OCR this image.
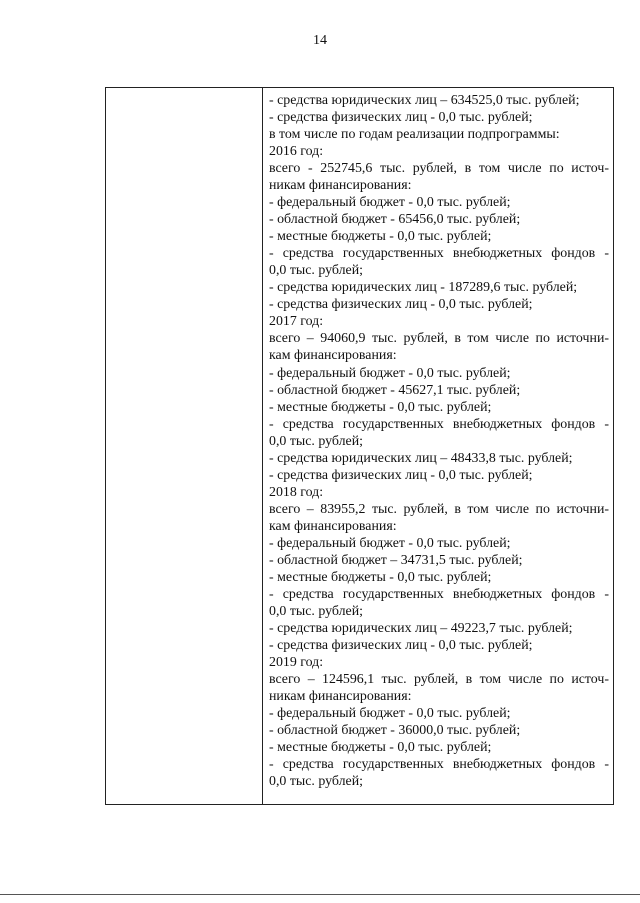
14
- средства юридических лиц – 634525,0 тыс. рублей;
- средства физических лиц - 0,0 тыс. рублей;
в том числе по годам реализации подпрограммы:
2016 год:
всего - 252745,6 тыс. рублей, в том числе по источ-
никам финансирования:
- федеральный бюджет - 0,0 тыс. рублей;
- областной бюджет - 65456,0 тыс. рублей;
- местные бюджеты - 0,0 тыс. рублей;
- средства государственных внебюджетных фондов -
0,0 тыс. рублей;
- средства юридических лиц - 187289,6 тыс. рублей;
- средства физических лиц - 0,0 тыс. рублей;
2017 год:
всего – 94060,9 тыс. рублей, в том числе по источни-
кам финансирования:
- федеральный бюджет - 0,0 тыс. рублей;
- областной бюджет - 45627,1 тыс. рублей;
- местные бюджеты - 0,0 тыс. рублей;
- средства государственных внебюджетных фондов -
0,0 тыс. рублей;
- средства юридических лиц – 48433,8 тыс. рублей;
- средства физических лиц - 0,0 тыс. рублей;
2018 год:
всего – 83955,2 тыс. рублей, в том числе по источни-
кам финансирования:
- федеральный бюджет - 0,0 тыс. рублей;
- областной бюджет – 34731,5 тыс. рублей;
- местные бюджеты - 0,0 тыс. рублей;
- средства государственных внебюджетных фондов -
0,0 тыс. рублей;
- средства юридических лиц – 49223,7 тыс. рублей;
- средства физических лиц - 0,0 тыс. рублей;
2019 год:
всего – 124596,1 тыс. рублей, в том числе по источ-
никам финансирования:
- федеральный бюджет - 0,0 тыс. рублей;
- областной бюджет - 36000,0 тыс. рублей;
- местные бюджеты - 0,0 тыс. рублей;
- средства государственных внебюджетных фондов -
0,0 тыс. рублей;
